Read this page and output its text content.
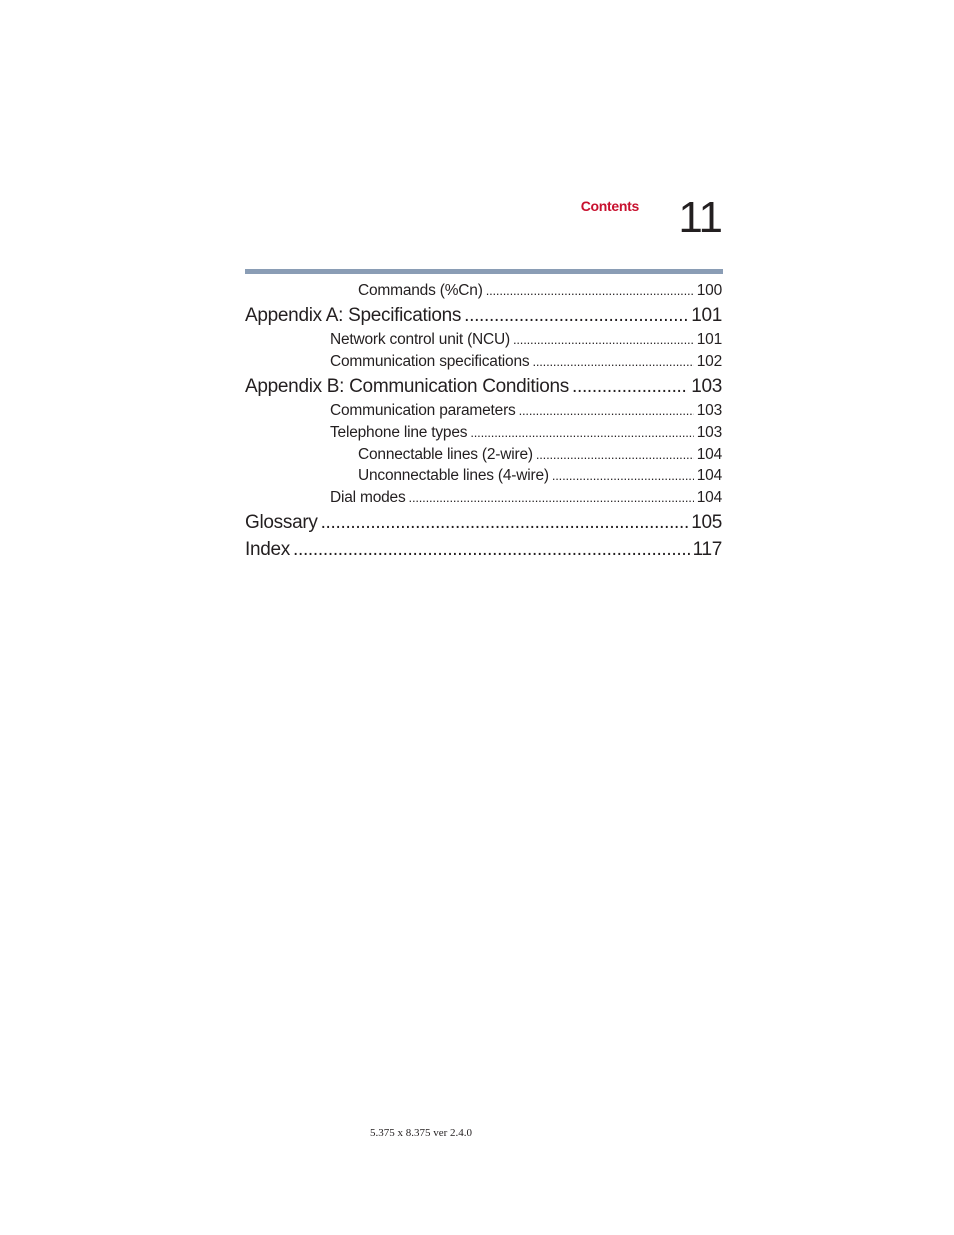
Contents 11
Commands (%Cn) .....	100
Appendix A: Specifications .....	101
Network control unit (NCU) .....	101
Communication specifications .....	102
Appendix B: Communication Conditions .....	103
Communication parameters .....	103
Telephone line types .....	103
Connectable lines (2-wire) .....	104
Unconnectable lines (4-wire) .....	104
Dial modes .....	104
Glossary .....	105
Index .....	117
5.375 x 8.375 ver 2.4.0
